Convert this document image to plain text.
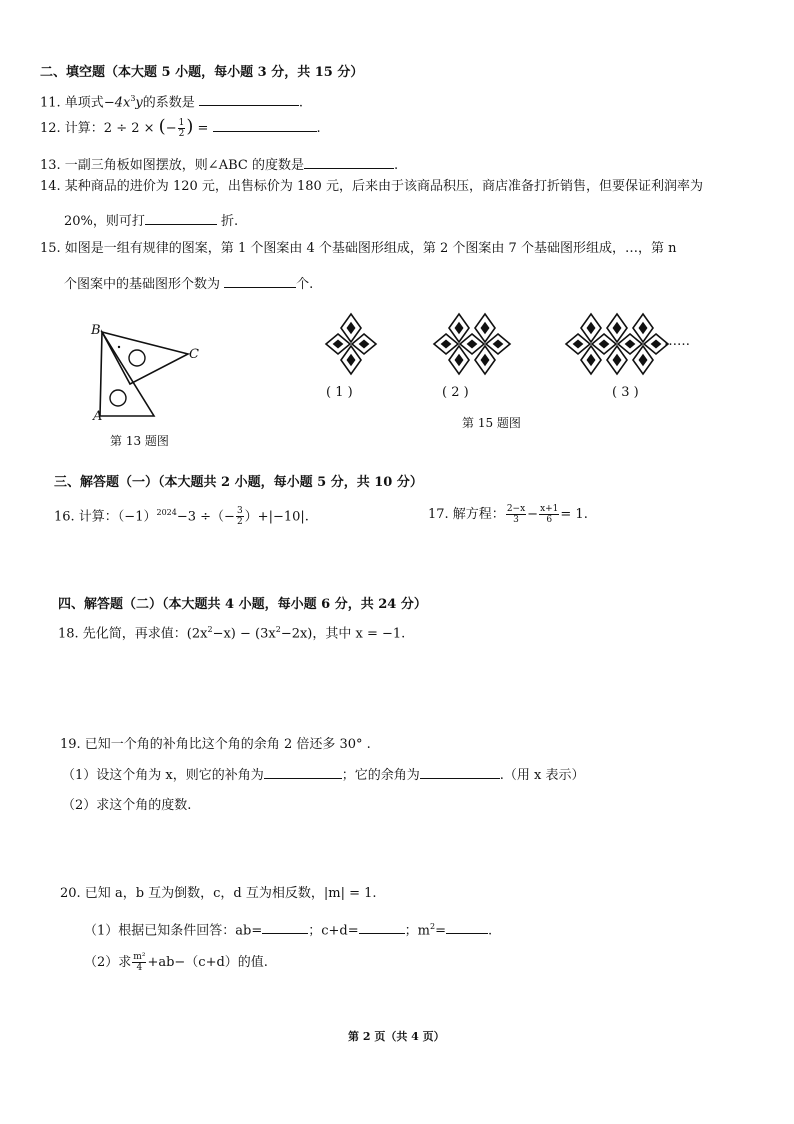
二、填空题（本大题 5 小题，每小题 3 分，共 15 分）
11. 单项式$-4x^3y$的系数是	.
12. 计算：2 ÷ 2 × (− $\frac{1}{2}$ ) =	.
13. 一副三角板如图摆放，则∠ABC 的度数是	.
14. 某种商品的进价为 120 元，出售标价为 180 元，后来由于该商品积压，商店准备打折销售，但要保证利润率为
20%，则可打	折.
15. 如图是一组有规律的图案，第 1 个图案由 4 个基础图形组成，第 2 个图案由 7 个基础图形组成，…，第 n
个图案中的基础图形个数为	个.
B
C
A
第 13 题图
……
( 1 )	( 2 )	( 3 )
第 15 题图
三、解答题（一）（本大题共 2 小题，每小题 5 分，共 10 分）
16. 计算：$(-1)^{2024}-3$ ÷（− $\frac{3}{2} )+|-10|$.	17. 解方程： $\frac{2-x}{3} - \frac{x+1}{6} = 1$.
四、解答题（二）（本大题共 4 小题，每小题 6 分，共 24 分）
18. 先化简，再求值：$(2x^2-x) - (3x^2-2x)$，其中 x = −1.
19. 已知一个角的补角比这个角的余角 2 倍还多 30° .
（1）设这个角为 x，则它的补角为	；它的余角为	.（用 x 表示）
（2）求这个角的度数.
20. 已知 a，b 互为倒数，c，d 互为相反数，|m| = 1.
（1）根据已知条件回答：ab=	；c+d=	；$m^2=$	.
（2）求 $\frac{\text{m²}}{4} +ab-(c+d)$的值.
第 2 页（共 4 页）
